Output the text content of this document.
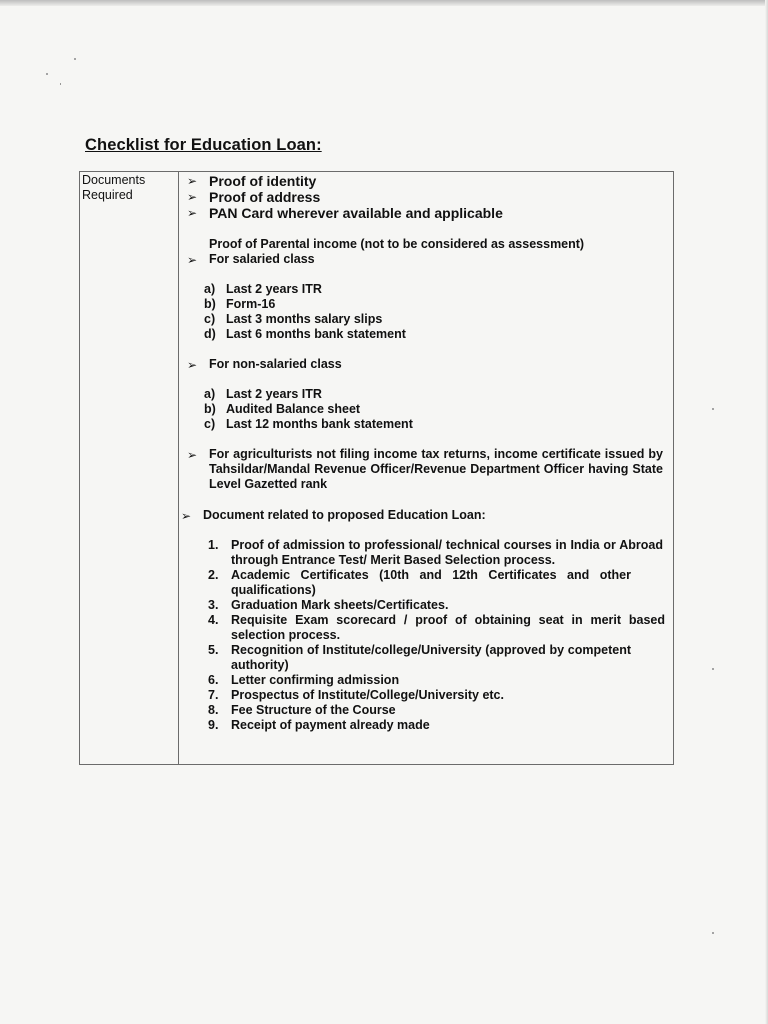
Checklist for Education Loan:
Documents Required
➢ Proof of identity
➢ Proof of address
➢ PAN Card wherever available and applicable
Proof of Parental income (not to be considered as assessment)
➢ For salaried class
a) Last 2 years ITR
b) Form-16
c) Last 3 months salary slips
d) Last 6 months bank statement
➢ For non-salaried class
a) Last 2 years ITR
b) Audited Balance sheet
c) Last 12 months bank statement
➢ For agriculturists not filing income tax returns, income certificate issued by Tahsildar/Mandal Revenue Officer/Revenue Department Officer having State Level Gazetted rank
➢ Document related to proposed Education Loan:
1. Proof of admission to professional/ technical courses in India or Abroad through Entrance Test/ Merit Based Selection process.
2. Academic Certificates (10th and 12th Certificates and other qualifications)
3. Graduation Mark sheets/Certificates.
4. Requisite Exam scorecard / proof of obtaining seat in merit based selection process.
5. Recognition of Institute/college/University (approved by competent authority)
6. Letter confirming admission
7. Prospectus of Institute/College/University etc.
8. Fee Structure of the Course
9. Receipt of payment already made
